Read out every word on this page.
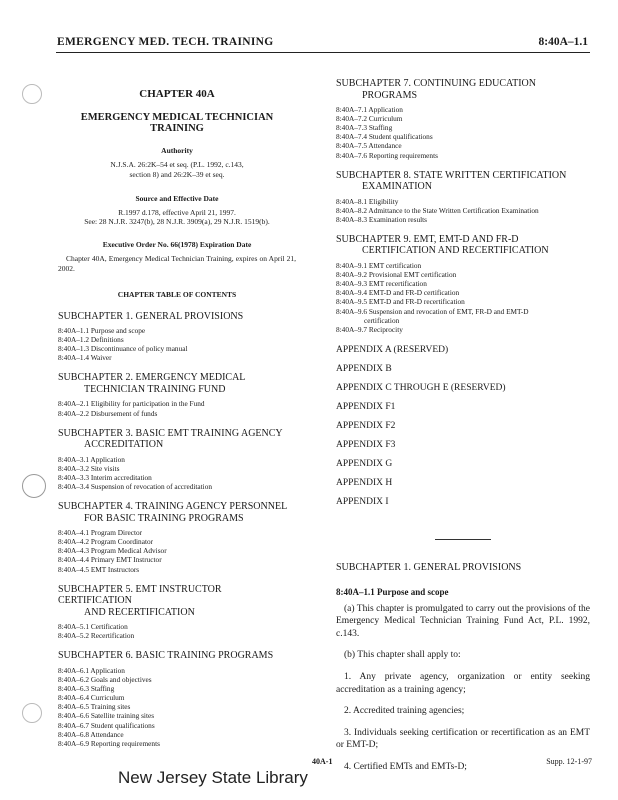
EMERGENCY MED. TECH. TRAINING	8:40A–1.1
CHAPTER 40A
EMERGENCY MEDICAL TECHNICIAN TRAINING
Authority
N.J.S.A. 26:2K–54 et seq. (P.L. 1992, c.143,
section 8) and 26:2K–39 et seq.
Source and Effective Date
R.1997 d.178, effective April 21, 1997.
See: 28 N.J.R. 3247(b), 28 N.J.R. 3909(a), 29 N.J.R. 1519(b).
Executive Order No. 66(1978) Expiration Date
Chapter 40A, Emergency Medical Technician Training, expires on April 21, 2002.
CHAPTER TABLE OF CONTENTS
SUBCHAPTER 1. GENERAL PROVISIONS
8:40A–1.1 Purpose and scope
8:40A–1.2 Definitions
8:40A–1.3 Discontinuance of policy manual
8:40A–1.4 Waiver
SUBCHAPTER 2. EMERGENCY MEDICAL
TECHNICIAN TRAINING FUND
8:40A–2.1 Eligibility for participation in the Fund
8:40A–2.2 Disbursement of funds
SUBCHAPTER 3. BASIC EMT TRAINING AGENCY
ACCREDITATION
8:40A–3.1 Application
8:40A–3.2 Site visits
8:40A–3.3 Interim accreditation
8:40A–3.4 Suspension of revocation of accreditation
SUBCHAPTER 4. TRAINING AGENCY PERSONNEL
FOR BASIC TRAINING PROGRAMS
8:40A–4.1 Program Director
8:40A–4.2 Program Coordinator
8:40A–4.3 Program Medical Advisor
8:40A–4.4 Primary EMT Instructor
8:40A–4.5 EMT Instructors
SUBCHAPTER 5. EMT INSTRUCTOR CERTIFICATION
AND RECERTIFICATION
8:40A–5.1 Certification
8:40A–5.2 Recertification
SUBCHAPTER 6. BASIC TRAINING PROGRAMS
8:40A–6.1 Application
8:40A–6.2 Goals and objectives
8:40A–6.3 Staffing
8:40A–6.4 Curriculum
8:40A–6.5 Training sites
8:40A–6.6 Satellite training sites
8:40A–6.7 Student qualifications
8:40A–6.8 Attendance
8:40A–6.9 Reporting requirements
SUBCHAPTER 7. CONTINUING EDUCATION
PROGRAMS
8:40A–7.1 Application
8:40A–7.2 Curriculum
8:40A–7.3 Staffing
8:40A–7.4 Student qualifications
8:40A–7.5 Attendance
8:40A–7.6 Reporting requirements
SUBCHAPTER 8. STATE WRITTEN CERTIFICATION
EXAMINATION
8:40A–8.1 Eligibility
8:40A–8.2 Admittance to the State Written Certification Examination
8:40A–8.3 Examination results
SUBCHAPTER 9. EMT, EMT-D AND FR-D
CERTIFICATION AND RECERTIFICATION
8:40A–9.1 EMT certification
8:40A–9.2 Provisional EMT certification
8:40A–9.3 EMT recertification
8:40A–9.4 EMT-D and FR-D certification
8:40A–9.5 EMT-D and FR-D recertification
8:40A–9.6 Suspension and revocation of EMT, FR-D and EMT-D
certification
8:40A–9.7 Reciprocity
APPENDIX A (RESERVED)
APPENDIX B
APPENDIX C THROUGH E (RESERVED)
APPENDIX F1
APPENDIX F2
APPENDIX F3
APPENDIX G
APPENDIX H
APPENDIX I
SUBCHAPTER 1. GENERAL PROVISIONS
8:40A–1.1 Purpose and scope
(a) This chapter is promulgated to carry out the provisions of the Emergency Medical Technician Training Fund Act, P.L. 1992, c.143.
(b) This chapter shall apply to:
1. Any private agency, organization or entity seeking accreditation as a training agency;
2. Accredited training agencies;
3. Individuals seeking certification or recertification as an EMT or EMT-D;
4. Certified EMTs and EMTs-D;
40A-1	Supp. 12-1-97
New Jersey State Library
